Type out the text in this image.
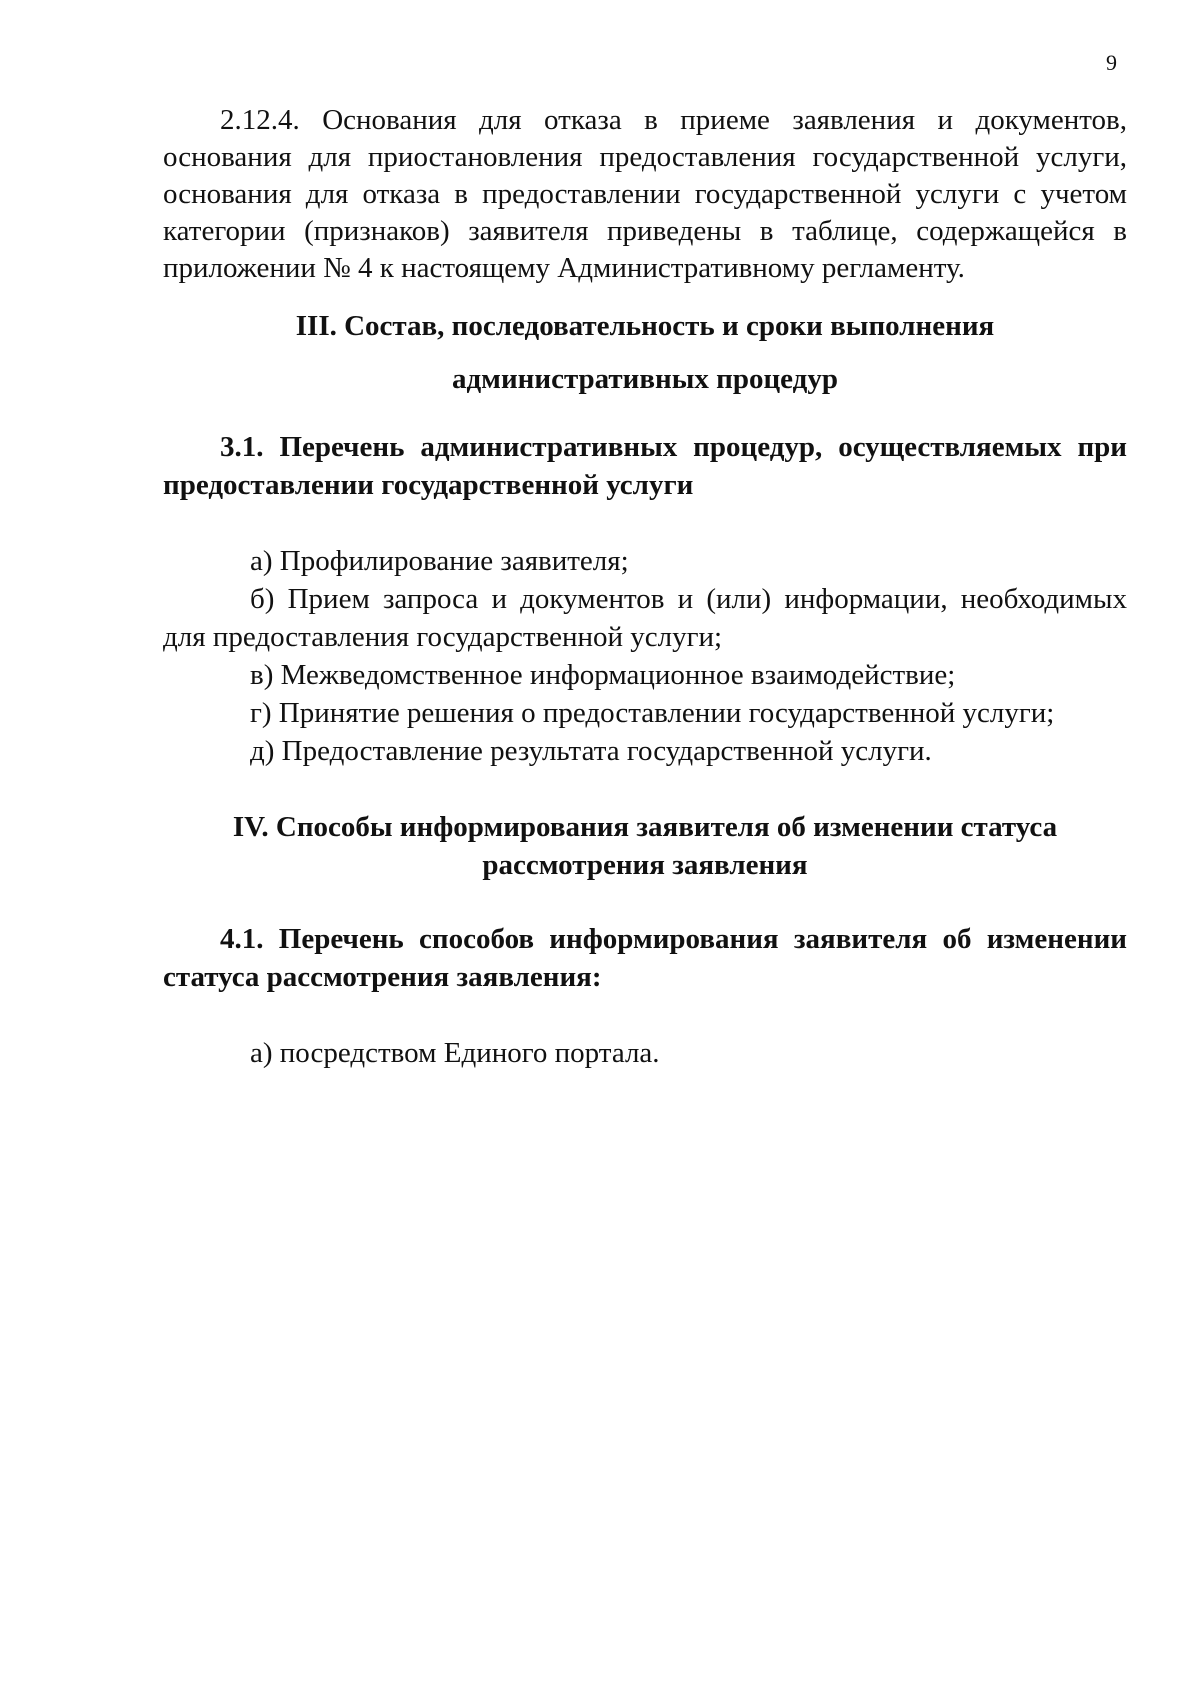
9

2.12.4. Основания для отказа в приеме заявления и документов, основания для приостановления предоставления государственной услуги, основания для отказа в предоставлении государственной услуги с учетом категории (признаков) заявителя приведены в таблице, содержащейся в приложении № 4 к настоящему Административному регламенту.

III. Состав, последовательность и сроки выполнения

административных процедур

3.1. Перечень административных процедур, осуществляемых при предоставлении государственной услуги

а) Профилирование заявителя;

б) Прием запроса и документов и (или) информации, необходимых для предоставления государственной услуги;

в) Межведомственное информационное взаимодействие;

г) Принятие решения о предоставлении государственной услуги;

д) Предоставление результата государственной услуги.

IV. Способы информирования заявителя об изменении статуса

рассмотрения заявления

4.1. Перечень способов информирования заявителя об изменении статуса рассмотрения заявления:

а) посредством Единого портала.
